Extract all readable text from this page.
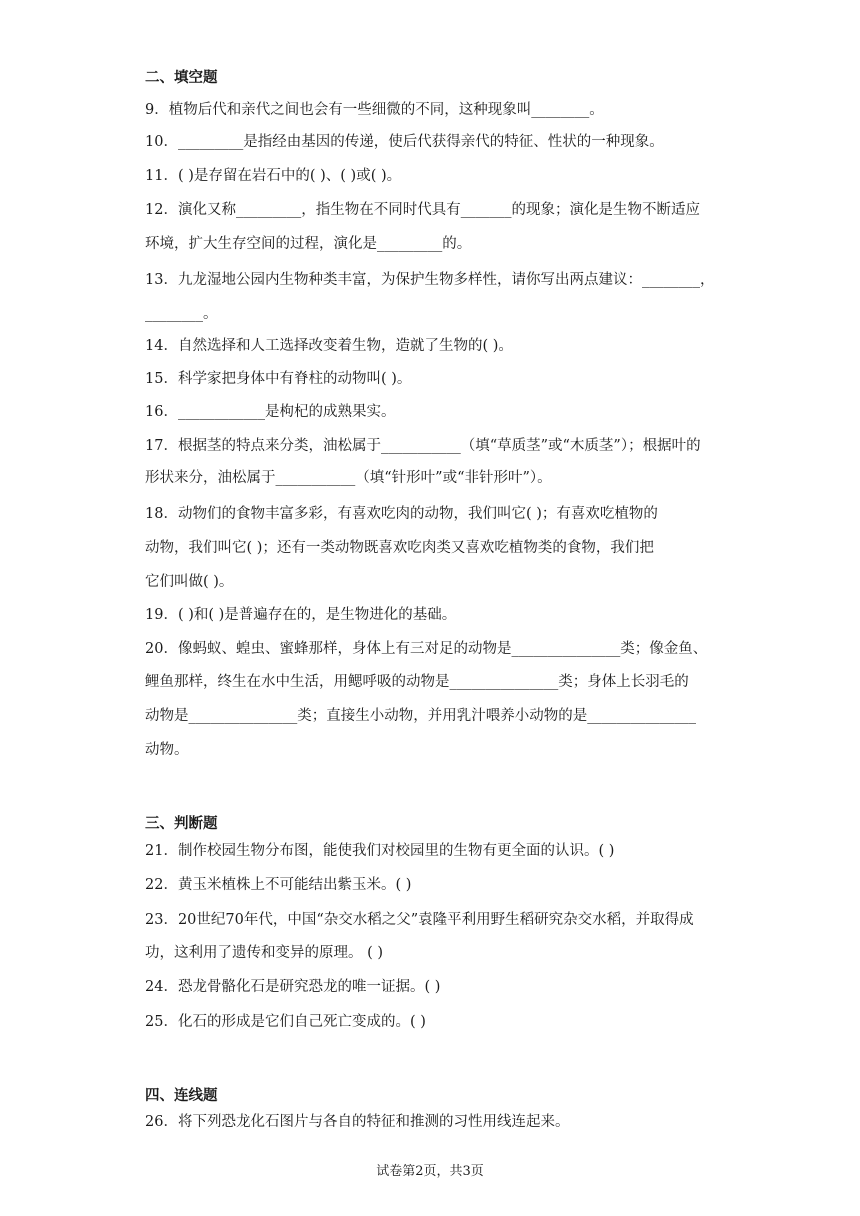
二、填空题
9．植物后代和亲代之间也会有一些细微的不同，这种现象叫________。
10．_________是指经由基因的传递，使后代获得亲代的特征、性状的一种现象。
11．( )是存留在岩石中的( )、( )或( )。
12．演化又称_________，指生物在不同时代具有_______的现象；演化是生物不断适应
环境，扩大生存空间的过程，演化是_________的。
13．九龙湿地公园内生物种类丰富，为保护生物多样性，请你写出两点建议：________，
________。
14．自然选择和人工选择改变着生物，造就了生物的( )。
15．科学家把身体中有脊柱的动物叫( )。
16．____________是枸杞的成熟果实。
17．根据茎的特点来分类，油松属于___________（填“草质茎”或“木质茎”）；根据叶的
形状来分，油松属于___________（填“针形叶”或“非针形叶”）。
18．动物们的食物丰富多彩，有喜欢吃肉的动物，我们叫它( )；有喜欢吃植物的
动物，我们叫它( )；还有一类动物既喜欢吃肉类又喜欢吃植物类的食物，我们把
它们叫做( )。
19．( )和( )是普遍存在的，是生物进化的基础。
20．像蚂蚁、蝗虫、蜜蜂那样，身体上有三对足的动物是_______________类；像金鱼、
鲤鱼那样，终生在水中生活，用鳃呼吸的动物是_______________类；身体上长羽毛的
动物是_______________类；直接生小动物，并用乳汁喂养小动物的是_______________
动物。
三、判断题
21．制作校园生物分布图，能使我们对校园里的生物有更全面的认识。( )
22．黄玉米植株上不可能结出紫玉米。( )
23．20世纪70年代，中国“杂交水稻之父”袁隆平利用野生稻研究杂交水稻，并取得成
功，这利用了遗传和变异的原理。 ( )
24．恐龙骨骼化石是研究恐龙的唯一证据。( )
25．化石的形成是它们自己死亡变成的。( )
四、连线题
26．将下列恐龙化石图片与各自的特征和推测的习性用线连起来。
试卷第2页，共3页
